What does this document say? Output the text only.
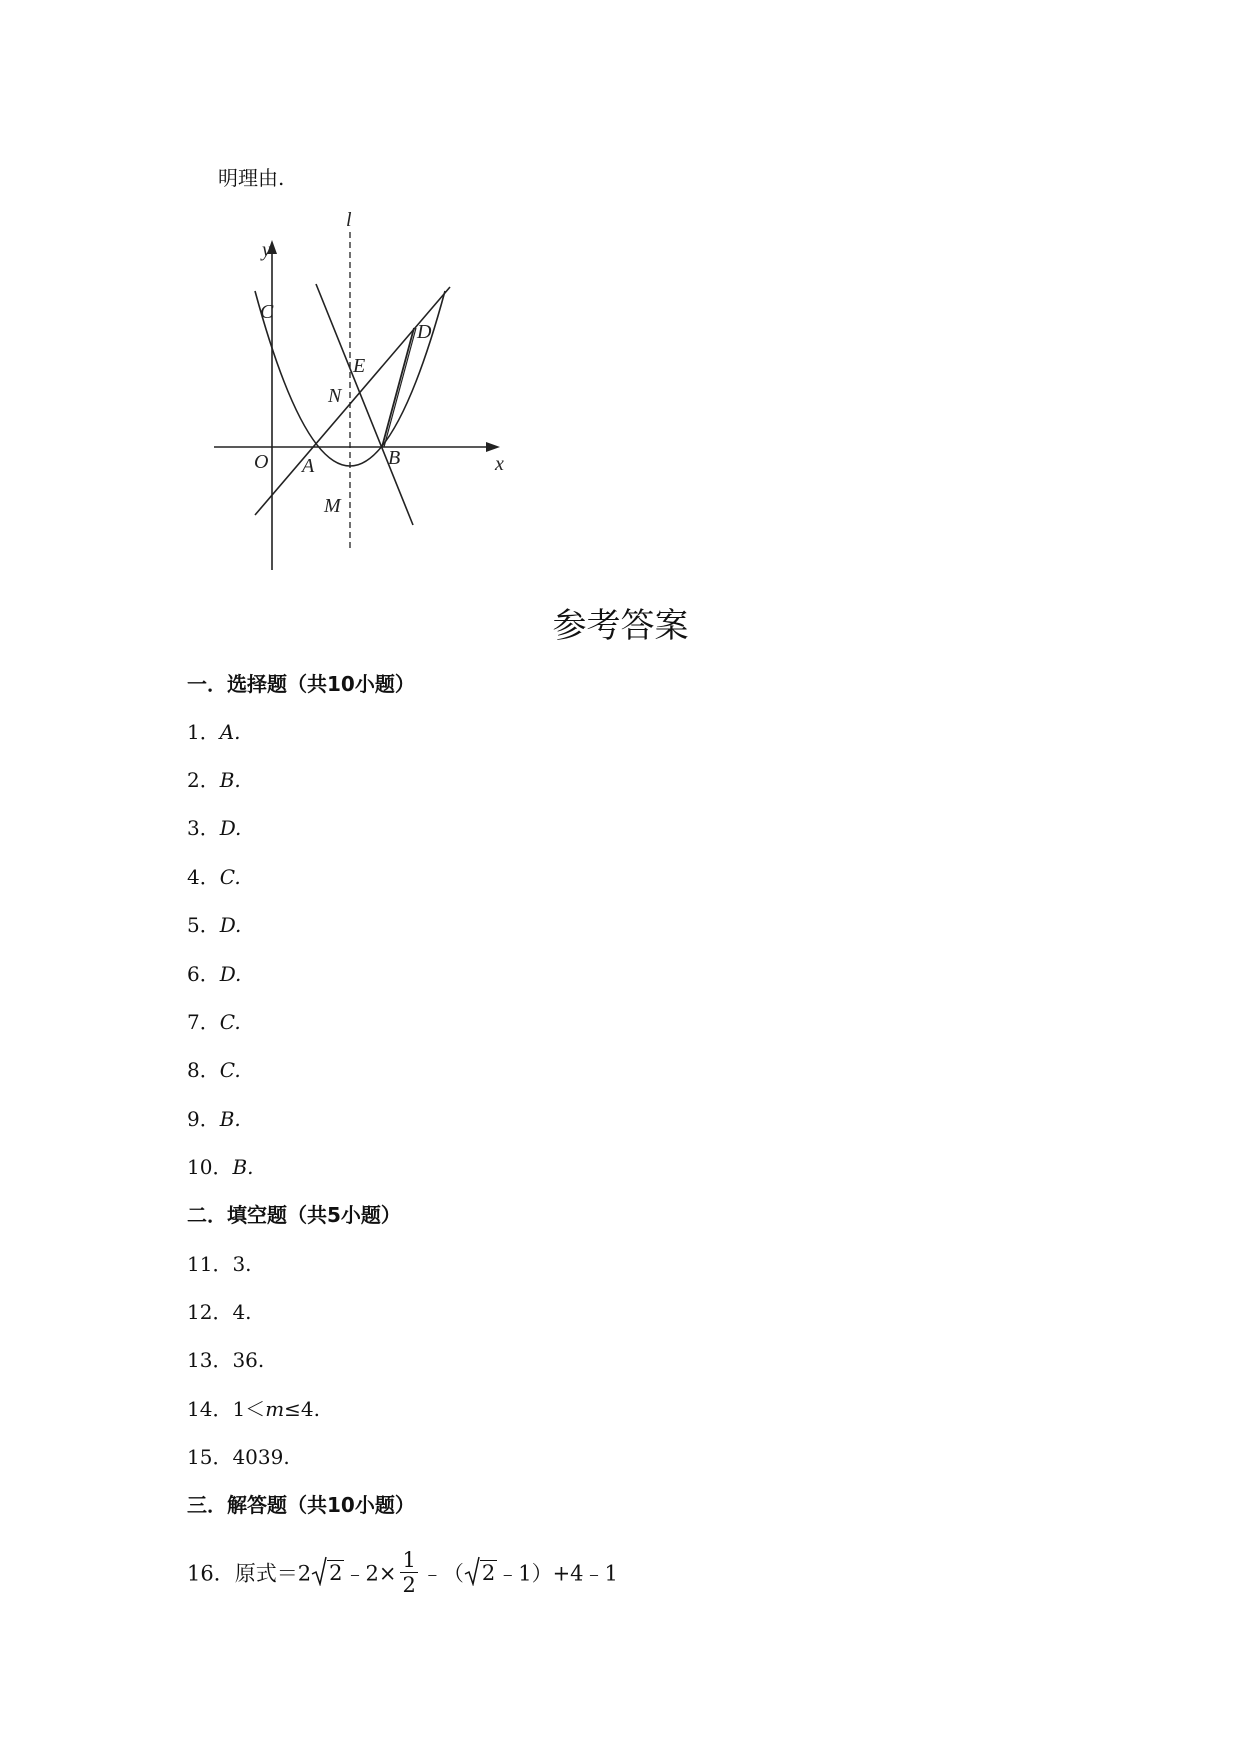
明理由.
l
y
x
O A	B
C
D
E
N
M
参考答案
一．选择题（共10小题）
1．A.
2．B.
3．D.
4．C.
5．D.
6．D.
7．C.
8．C.
9．B.
10．B.
二．填空题（共5小题）
11．3.
12．4.
13．36.
14．1＜m≤4.
15．4039.
三．解答题（共10小题）
16．原式＝2 2﹣2× $\frac{1}{2}$ ﹣（ 2﹣1）+4﹣1
